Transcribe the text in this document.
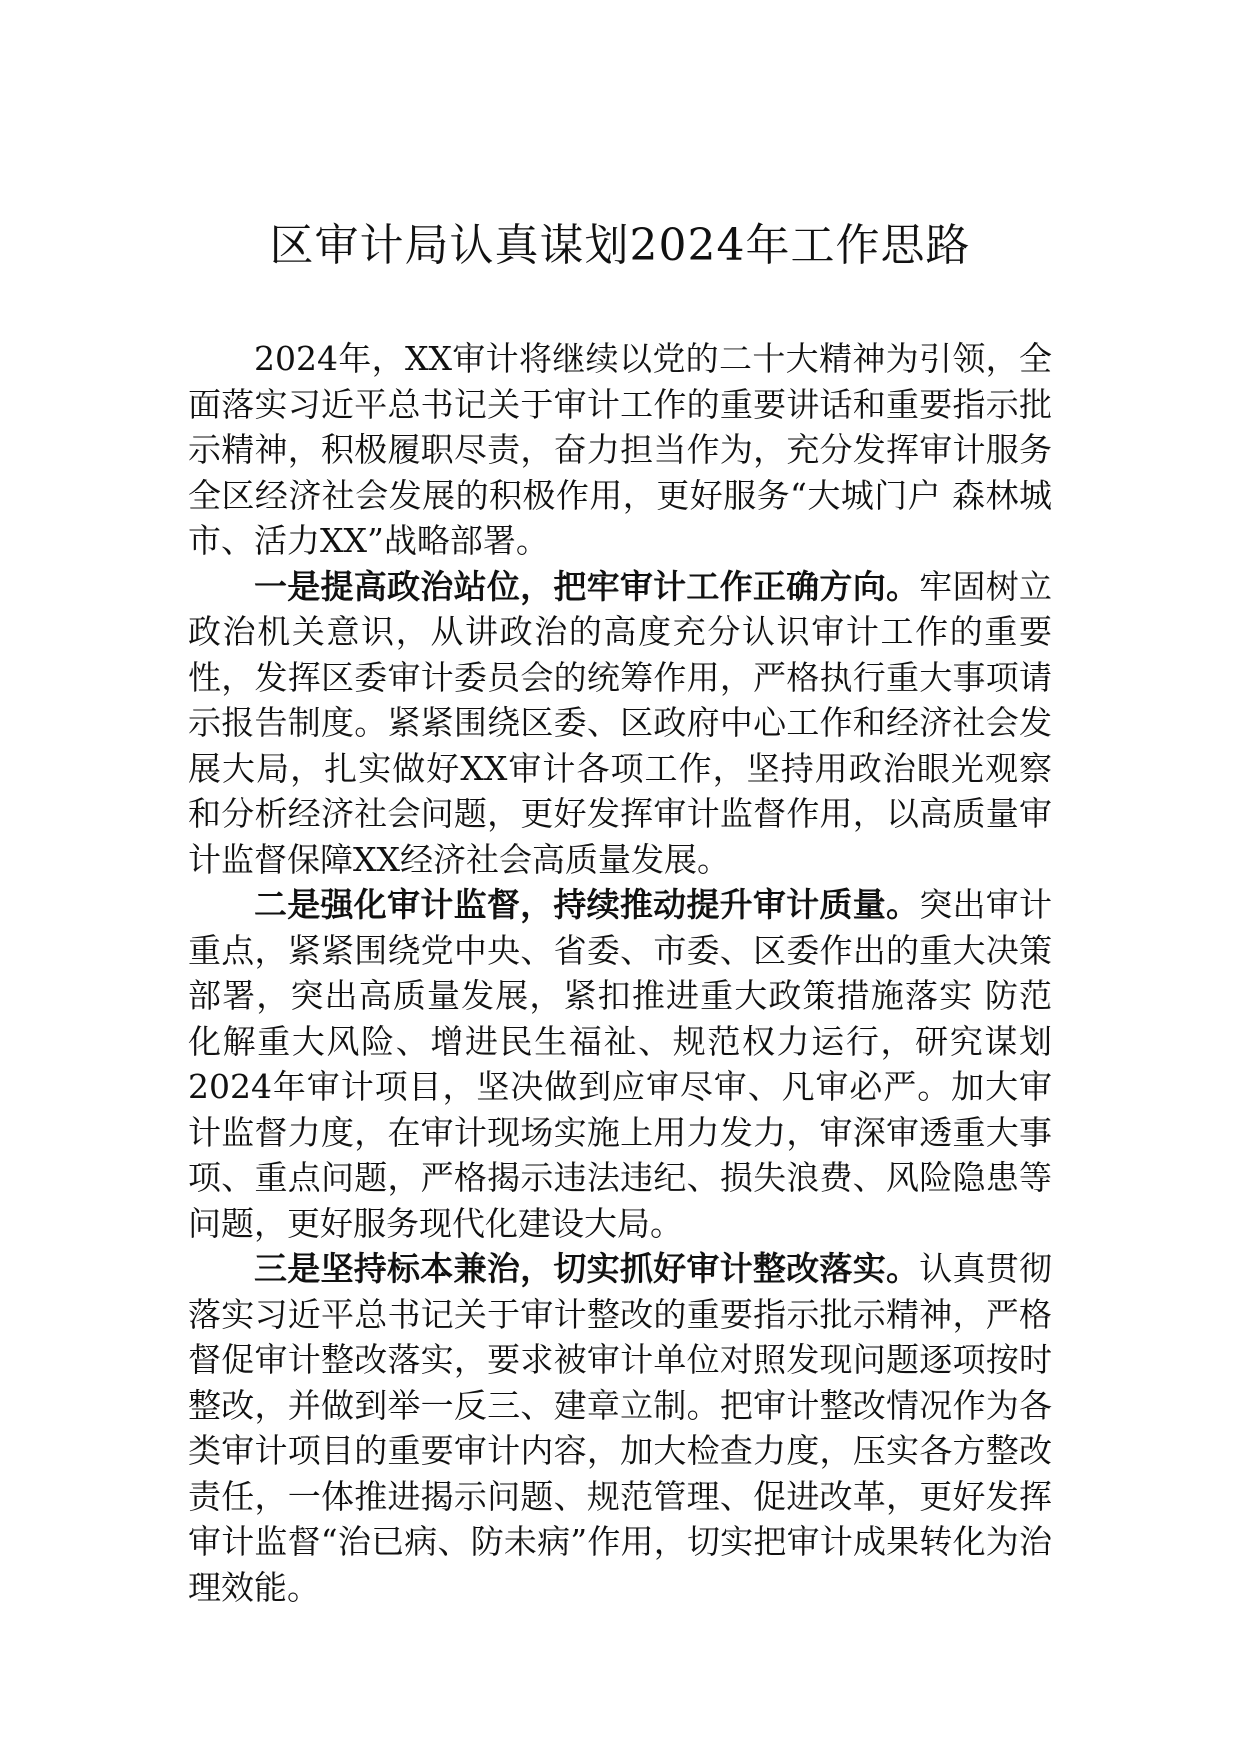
区审计局认真谋划2024年工作思路

2024年，XX审计将继续以党的二十大精神为引领，全面落实习近平总书记关于审计工作的重要讲话和重要指示批示精神，积极履职尽责，奋力担当作为，充分发挥审计服务全区经济社会发展的积极作用，更好服务“大城门户 森林城市、活力XX”战略部署。

一是提高政治站位，把牢审计工作正确方向。牢固树立政治机关意识，从讲政治的高度充分认识审计工作的重要性，发挥区委审计委员会的统筹作用，严格执行重大事项请示报告制度。紧紧围绕区委、区政府中心工作和经济社会发展大局，扎实做好XX审计各项工作，坚持用政治眼光观察和分析经济社会问题，更好发挥审计监督作用，以高质量审计监督保障XX经济社会高质量发展。

二是强化审计监督，持续推动提升审计质量。突出审计重点，紧紧围绕党中央、省委、市委、区委作出的重大决策部署，突出高质量发展，紧扣推进重大政策措施落实 防范化解重大风险、增进民生福祉、规范权力运行，研究谋划2024年审计项目，坚决做到应审尽审、凡审必严。加大审计监督力度，在审计现场实施上用力发力，审深审透重大事项、重点问题，严格揭示违法违纪、损失浪费、风险隐患等问题，更好服务现代化建设大局。

三是坚持标本兼治，切实抓好审计整改落实。认真贯彻落实习近平总书记关于审计整改的重要指示批示精神，严格督促审计整改落实，要求被审计单位对照发现问题逐项按时整改，并做到举一反三、建章立制。把审计整改情况作为各类审计项目的重要审计内容，加大检查力度，压实各方整改责任，一体推进揭示问题、规范管理、促进改革，更好发挥审计监督“治已病、防未病”作用，切实把审计成果转化为治理效能。
